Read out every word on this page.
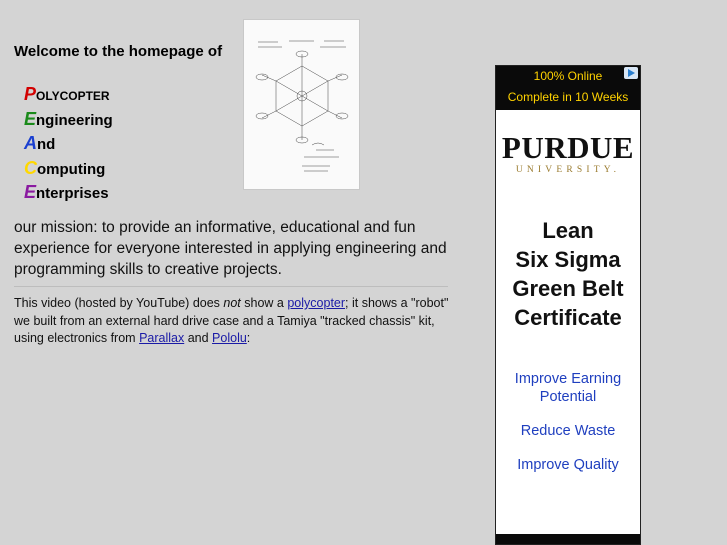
Welcome to the homepage of
POLYCOPTER
Engineering
And
Computing
Enterprises
our mission: to provide an informative, educational and fun experience for everyone interested in applying engineering and programming skills to creative projects.
This video (hosted by YouTube) does not show a polycopter; it shows a "robot" we built from an external hard drive case and a Tamiya "tracked chassis" kit, using electronics from Parallax and Pololu:
100% Online
Complete in 10 Weeks
PURDUE
UNIVERSITY.
Lean
Six Sigma
Green Belt
Certificate
Improve Earning Potential
Reduce Waste
Improve Quality
